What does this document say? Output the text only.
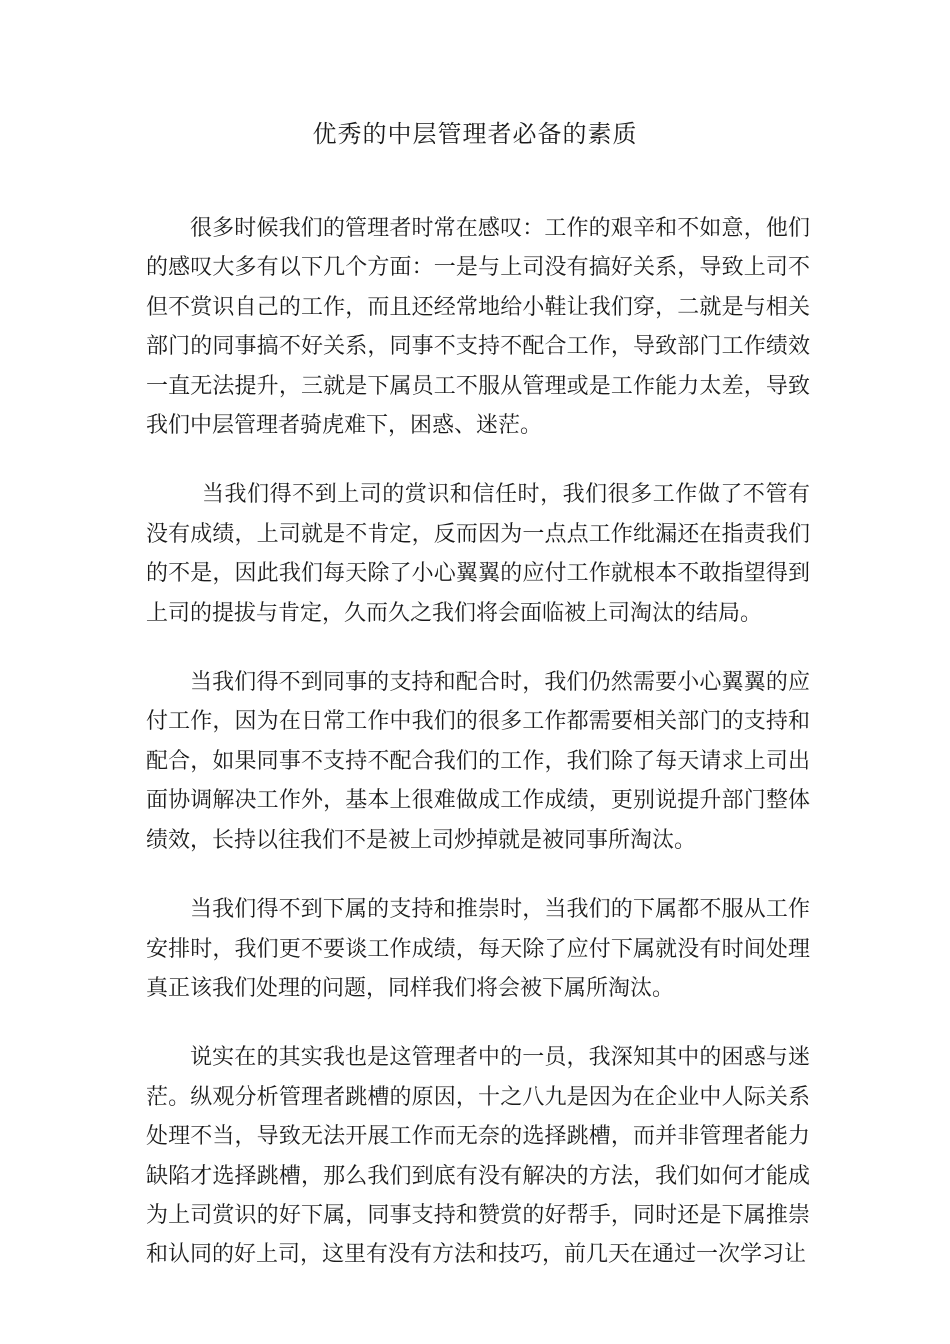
优秀的中层管理者必备的素质

很多时候我们的管理者时常在感叹：工作的艰辛和不如意，他们的感叹大多有以下几个方面：一是与上司没有搞好关系，导致上司不但不赏识自己的工作，而且还经常地给小鞋让我们穿，二就是与相关部门的同事搞不好关系，同事不支持不配合工作，导致部门工作绩效一直无法提升，三就是下属员工不服从管理或是工作能力太差，导致我们中层管理者骑虎难下，困惑、迷茫。

当我们得不到上司的赏识和信任时，我们很多工作做了不管有没有成绩，上司就是不肯定，反而因为一点点工作纰漏还在指责我们的不是，因此我们每天除了小心翼翼的应付工作就根本不敢指望得到上司的提拔与肯定，久而久之我们将会面临被上司淘汰的结局。

当我们得不到同事的支持和配合时，我们仍然需要小心翼翼的应付工作，因为在日常工作中我们的很多工作都需要相关部门的支持和配合，如果同事不支持不配合我们的工作，我们除了每天请求上司出面协调解决工作外，基本上很难做成工作成绩，更别说提升部门整体绩效，长持以往我们不是被上司炒掉就是被同事所淘汰。

当我们得不到下属的支持和推崇时，当我们的下属都不服从工作安排时，我们更不要谈工作成绩，每天除了应付下属就没有时间处理真正该我们处理的问题，同样我们将会被下属所淘汰。

说实在的其实我也是这管理者中的一员，我深知其中的困惑与迷茫。纵观分析管理者跳槽的原因，十之八九是因为在企业中人际关系处理不当，导致无法开展工作而无奈的选择跳槽，而并非管理者能力缺陷才选择跳槽，那么我们到底有没有解决的方法，我们如何才能成为上司赏识的好下属，同事支持和赞赏的好帮手，同时还是下属推崇和认同的好上司，这里有没有方法和技巧，前几天在通过一次学习让
